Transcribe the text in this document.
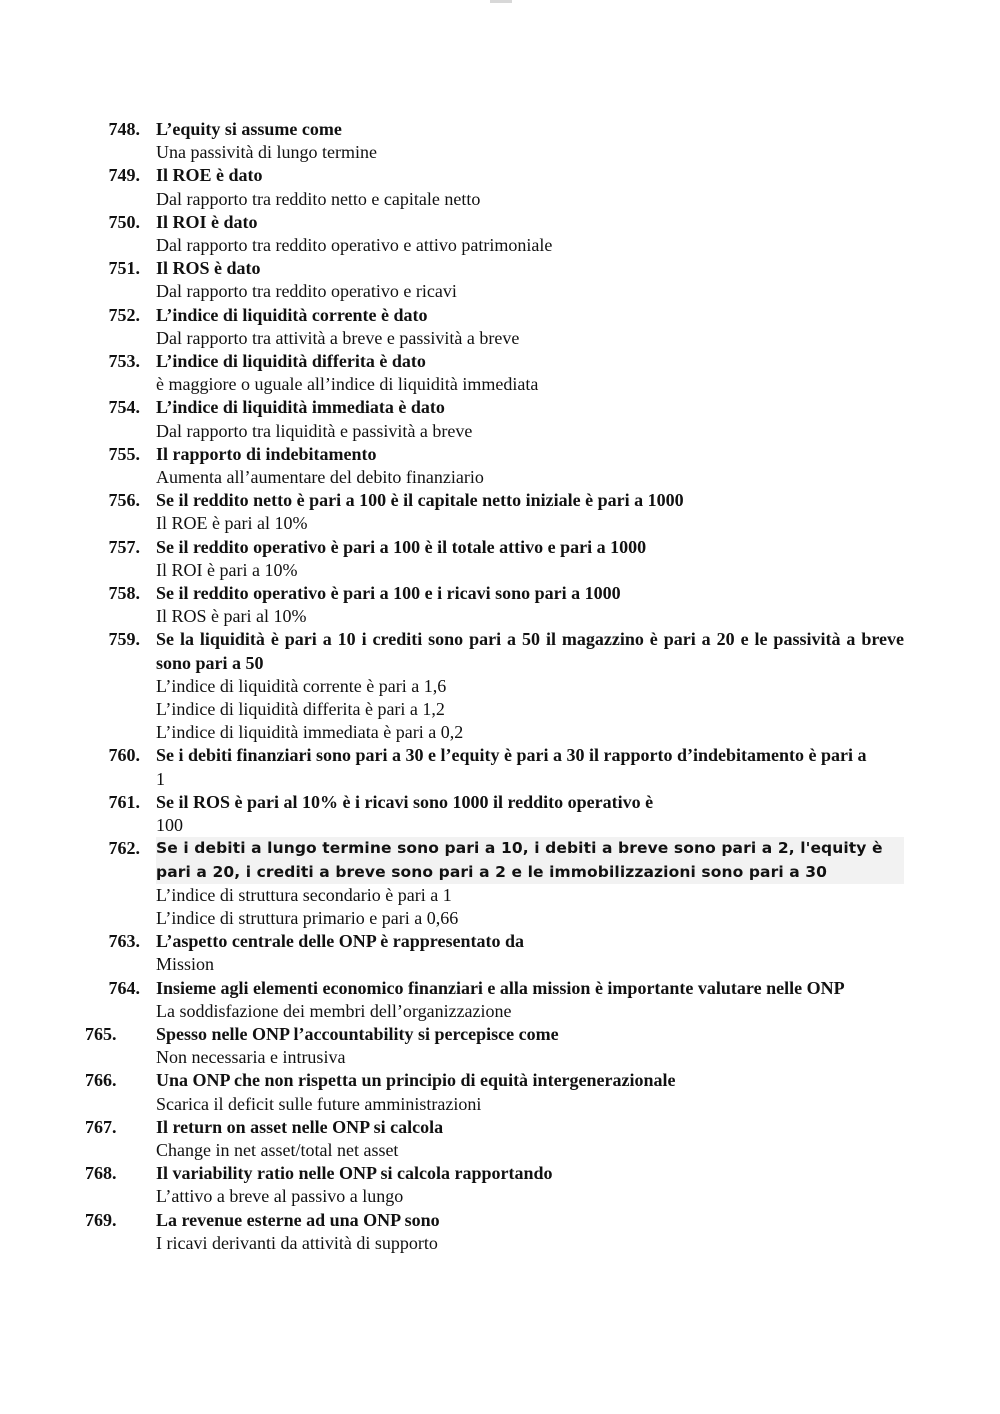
748. L’equity si assume come
Una passività di lungo termine
749. Il ROE è dato
Dal rapporto tra reddito netto e capitale netto
750. Il ROI è dato
Dal rapporto tra reddito operativo e attivo patrimoniale
751. Il ROS è dato
Dal rapporto tra reddito operativo e ricavi
752. L’indice di liquidità corrente è dato
Dal rapporto tra attività a breve e passività a breve
753. L’indice di liquidità differita è dato
è maggiore o uguale all’indice di liquidità immediata
754. L’indice di liquidità immediata è dato
Dal rapporto tra liquidità e passività a breve
755. Il rapporto di indebitamento
Aumenta all’aumentare del debito finanziario
756. Se il reddito netto è pari a 100 è il capitale netto iniziale è pari a 1000
Il ROE è pari al 10%
757. Se il reddito operativo è pari a 100 è il totale attivo e pari a 1000
Il ROI è pari a 10%
758. Se il reddito operativo è pari a 100 e i ricavi sono pari a 1000
Il ROS è pari al 10%
759. Se la liquidità è pari a 10 i crediti sono pari a 50 il magazzino è pari a 20 e le passività a breve sono pari a 50
L’indice di liquidità corrente è pari a 1,6
L’indice di liquidità differita è pari a 1,2
L’indice di liquidità immediata è pari a 0,2
760. Se i debiti finanziari sono pari a 30 e l’equity è pari a 30 il rapporto d’indebitamento è pari a
1
761. Se il ROS è pari al 10% è i ricavi sono 1000 il reddito operativo è
100
762. Se i debiti a lungo termine sono pari a 10, i debiti a breve sono pari a 2, l'equity è pari a 20, i crediti a breve sono pari a 2 e le immobilizzazioni sono pari a 30
L’indice di struttura secondario è pari a 1
L’indice di struttura primario e pari a 0,66
763. L’aspetto centrale delle ONP è rappresentato da
Mission
764. Insieme agli elementi economico finanziari e alla mission è importante valutare nelle ONP
La soddisfazione dei membri dell’organizzazione
765. Spesso nelle ONP l’accountability si percepisce come
Non necessaria e intrusiva
766. Una ONP che non rispetta un principio di equità intergenerazionale
Scarica il deficit sulle future amministrazioni
767. Il return on asset nelle ONP si calcola
Change in net asset/total net asset
768. Il variability ratio nelle ONP si calcola rapportando
L’attivo a breve al passivo a lungo
769. La revenue esterne ad una ONP sono
I ricavi derivanti da attività di supporto
